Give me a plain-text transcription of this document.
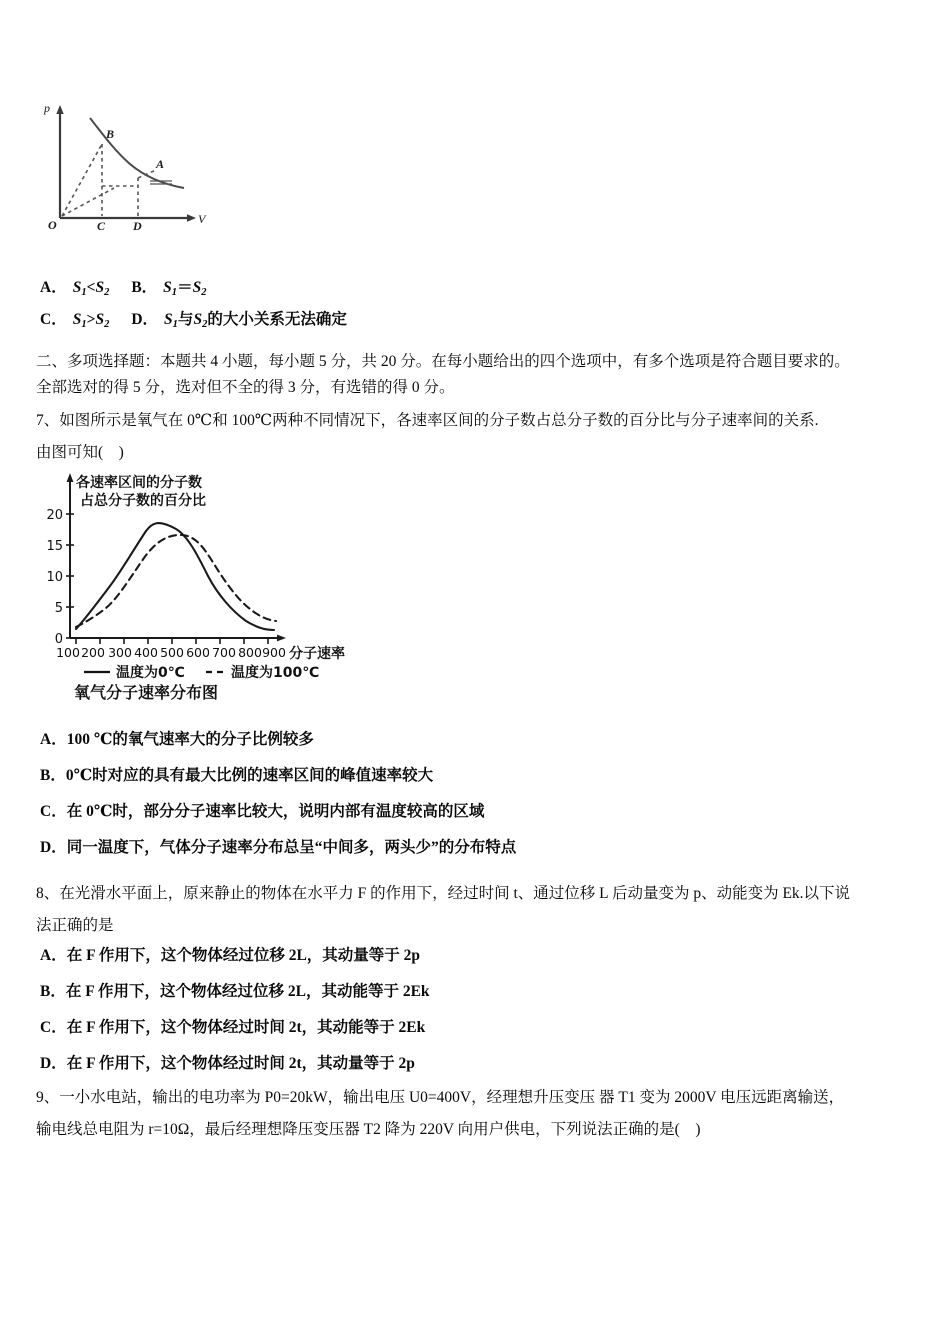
p
V
O
B
A
C D
A． $S_1<S_2$ B． $S_1=S_2$
C． $S_1>S_2$ D． $S_1$与$S_2$的大小关系无法确定
二、多项选择题：本题共 4 小题，每小题 5 分，共 20 分。在每小题给出的四个选项中，有多个选项是符合题目要求的。
全部选对的得 5 分，选对但不全的得 3 分，有选错的得 0 分。
7、如图所示是氧气在 0℃和 100℃两种不同情况下，各速率区间的分子数占总分子数的百分比与分子速率间的关系.
由图可知(    )
0
5
10
15
20
100 200 300 400 500 600 700 800 900 分子速率
各速率区间的分子数
占总分子数的百分比
温度为0℃	温度为100℃
氧气分子速率分布图
A．100 ℃的氧气速率大的分子比例较多
B．0℃时对应的具有最大比例的速率区间的峰值速率较大
C．在 0℃时，部分分子速率比较大，说明内部有温度较高的区域
D．同一温度下，气体分子速率分布总呈“中间多，两头少”的分布特点
8、在光滑水平面上，原来静止的物体在水平力 F 的作用下，经过时间 t、通过位移 L 后动量变为 p、动能变为 Ek.以下说
法正确的是
A．在 F 作用下，这个物体经过位移 2L，其动量等于 2p
B．在 F 作用下，这个物体经过位移 2L，其动能等于 2Ek
C．在 F 作用下，这个物体经过时间 2t，其动能等于 2Ek
D．在 F 作用下，这个物体经过时间 2t，其动量等于 2p
9、一小水电站，输出的电功率为 P0=20kW，输出电压 U0=400V，经理想升压变压 器 T1 变为 2000V 电压远距离输送，
输电线总电阻为 r=10Ω，最后经理想降压变压器 T2 降为 220V 向用户供电，下列说法正确的是(    )
